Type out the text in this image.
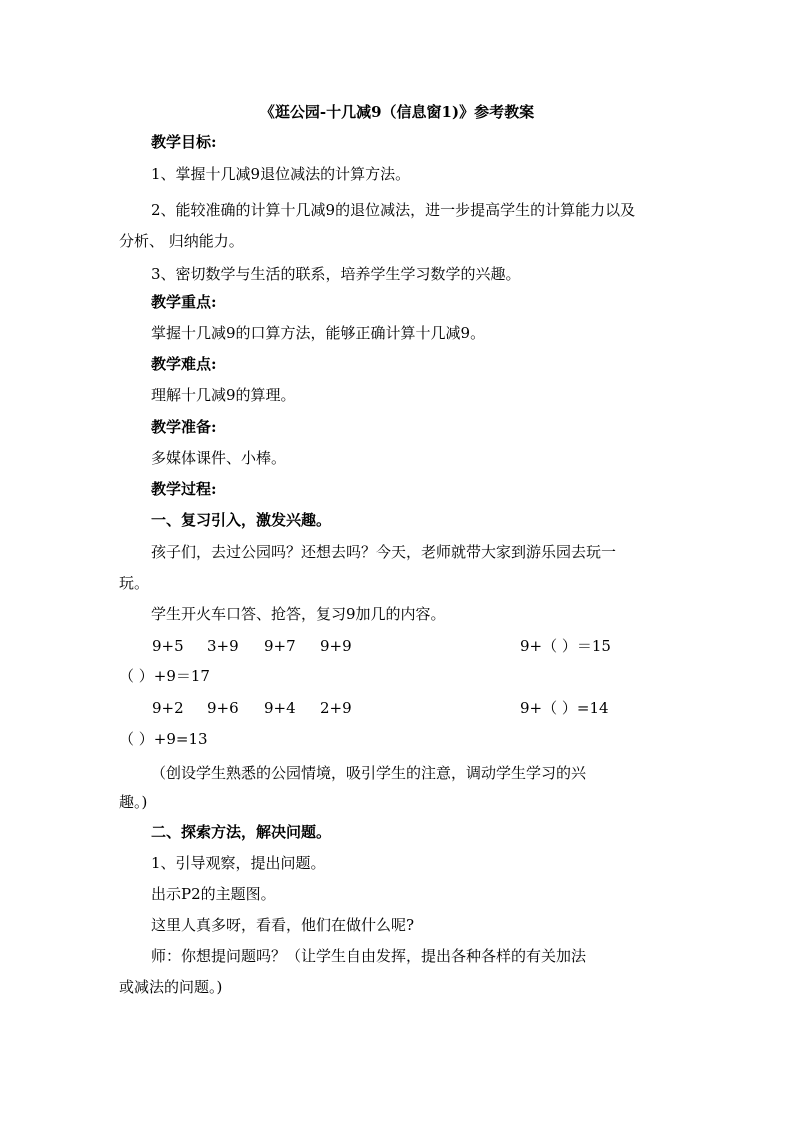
《逛公园-十几减9（信息窗1)》参考教案
教学目标:
1、掌握十几减9退位减法的计算方法。
2、能较准确的计算十几减9的退位减法，进一步提高学生的计算能力以及
分析、 归纳能力。
3、密切数学与生活的联系，培养学生学习数学的兴趣。
教学重点:
掌握十几减9的口算方法，能够正确计算十几减9。
教学难点:
理解十几减9的算理。
教学准备:
多媒体课件、小棒。
教学过程:
一、复习引入，激发兴趣。
孩子们，去过公园吗？还想去吗？今天，老师就带大家到游乐园去玩一
玩。
学生开火车口答、抢答，复习9加几的内容。
9+5 3+9 9+7 9+9	9+（ ）＝15
（ ）+9＝17
9+2 9+6 9+4 2+9	9+（ ）=14
（ ）+9=13
（创设学生熟悉的公园情境，吸引学生的注意，调动学生学习的兴
趣。)
二、探索方法，解决问题。
1、引导观察，提出问题。
出示P2的主题图。
这里人真多呀，看看，他们在做什么呢?
师：你想提问题吗？（让学生自由发挥，提出各种各样的有关加法
或减法的问题。)
